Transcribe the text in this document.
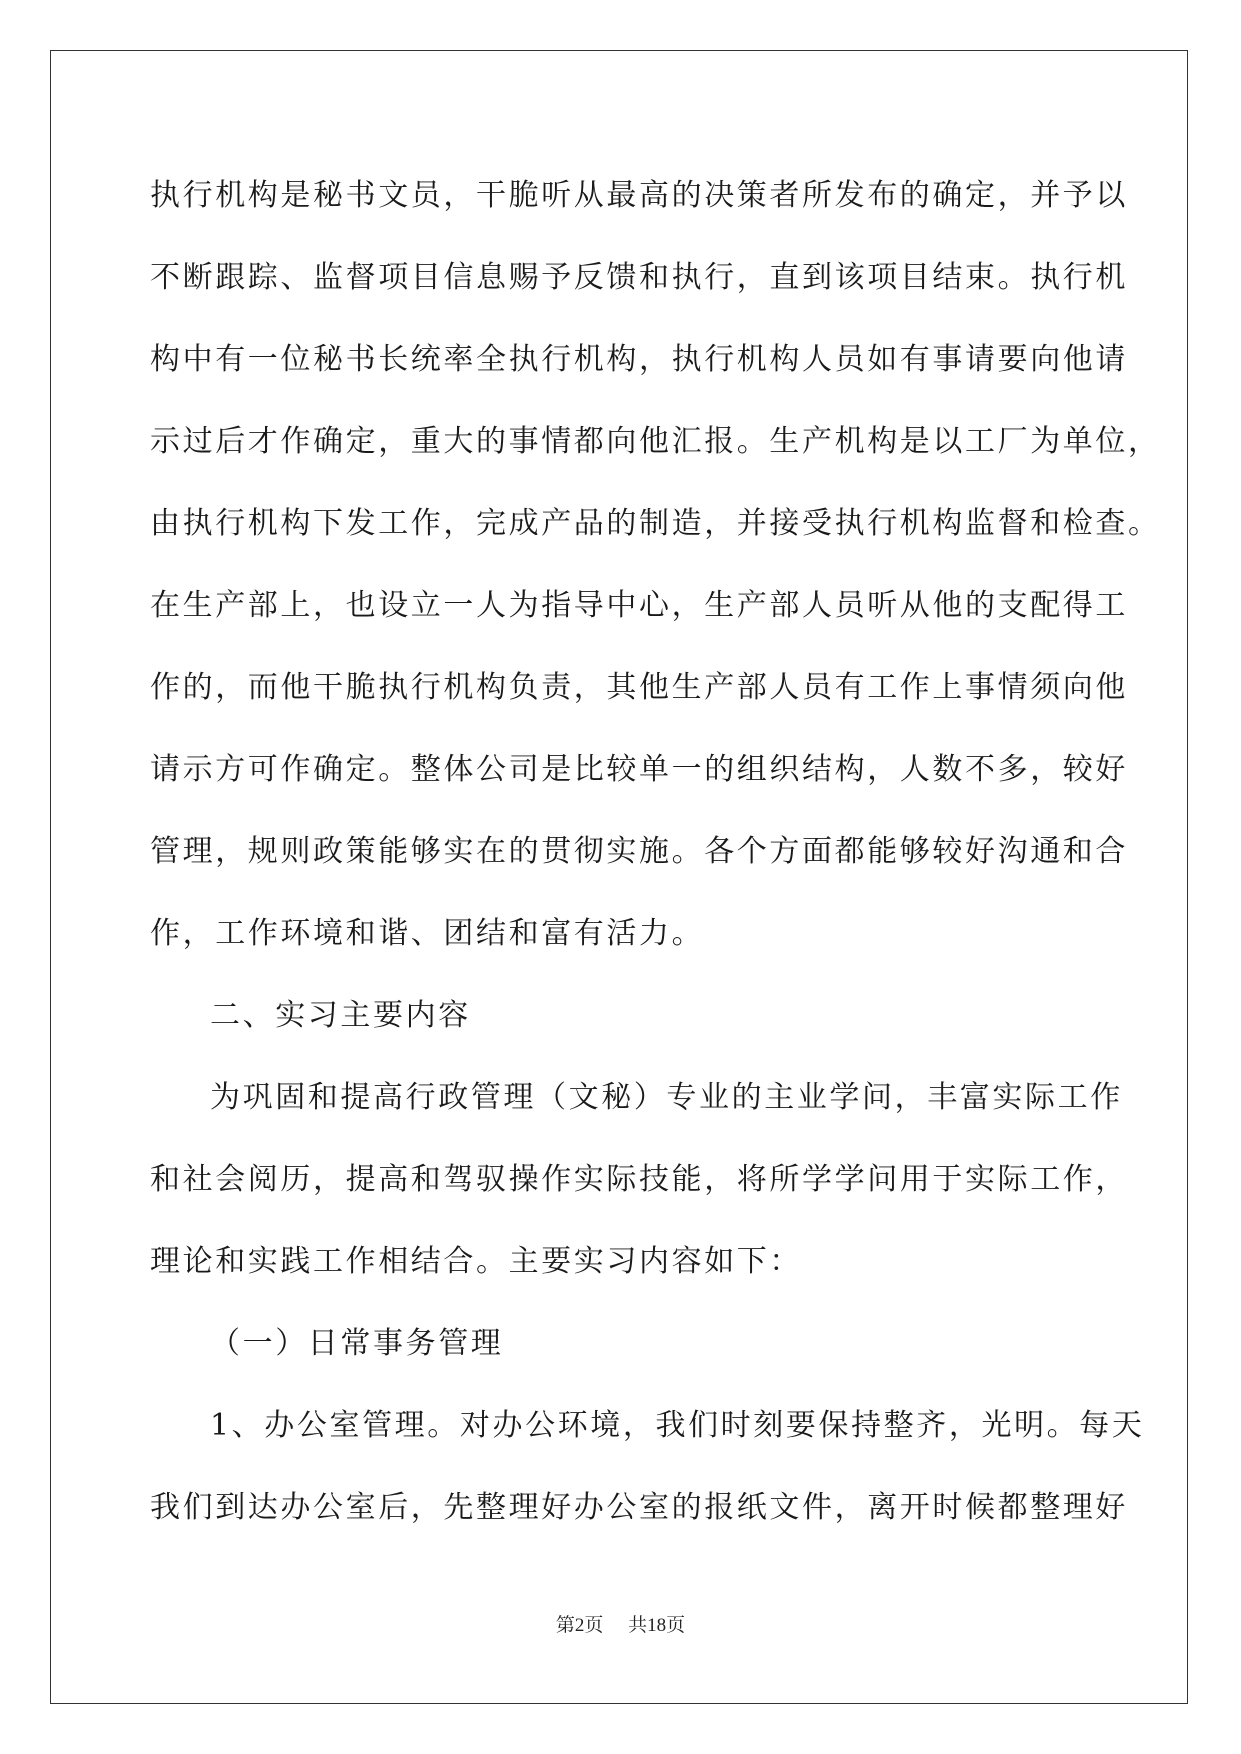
执行机构是秘书文员，干脆听从最高的决策者所发布的确定，并予以
不断跟踪、监督项目信息赐予反馈和执行，直到该项目结束。执行机
构中有一位秘书长统率全执行机构，执行机构人员如有事请要向他请
示过后才作确定，重大的事情都向他汇报。生产机构是以工厂为单位，
由执行机构下发工作，完成产品的制造，并接受执行机构监督和检查。
在生产部上，也设立一人为指导中心，生产部人员听从他的支配得工
作的，而他干脆执行机构负责，其他生产部人员有工作上事情须向他
请示方可作确定。整体公司是比较单一的组织结构，人数不多，较好
管理，规则政策能够实在的贯彻实施。各个方面都能够较好沟通和合
作，工作环境和谐、团结和富有活力。
二、实习主要内容
为巩固和提高行政管理（文秘）专业的主业学问，丰富实际工作
和社会阅历，提高和驾驭操作实际技能，将所学学问用于实际工作，
理论和实践工作相结合。主要实习内容如下：
（一）日常事务管理
1、办公室管理。对办公环境，我们时刻要保持整齐，光明。每天
我们到达办公室后，先整理好办公室的报纸文件，离开时候都整理好
第2页 共18页
